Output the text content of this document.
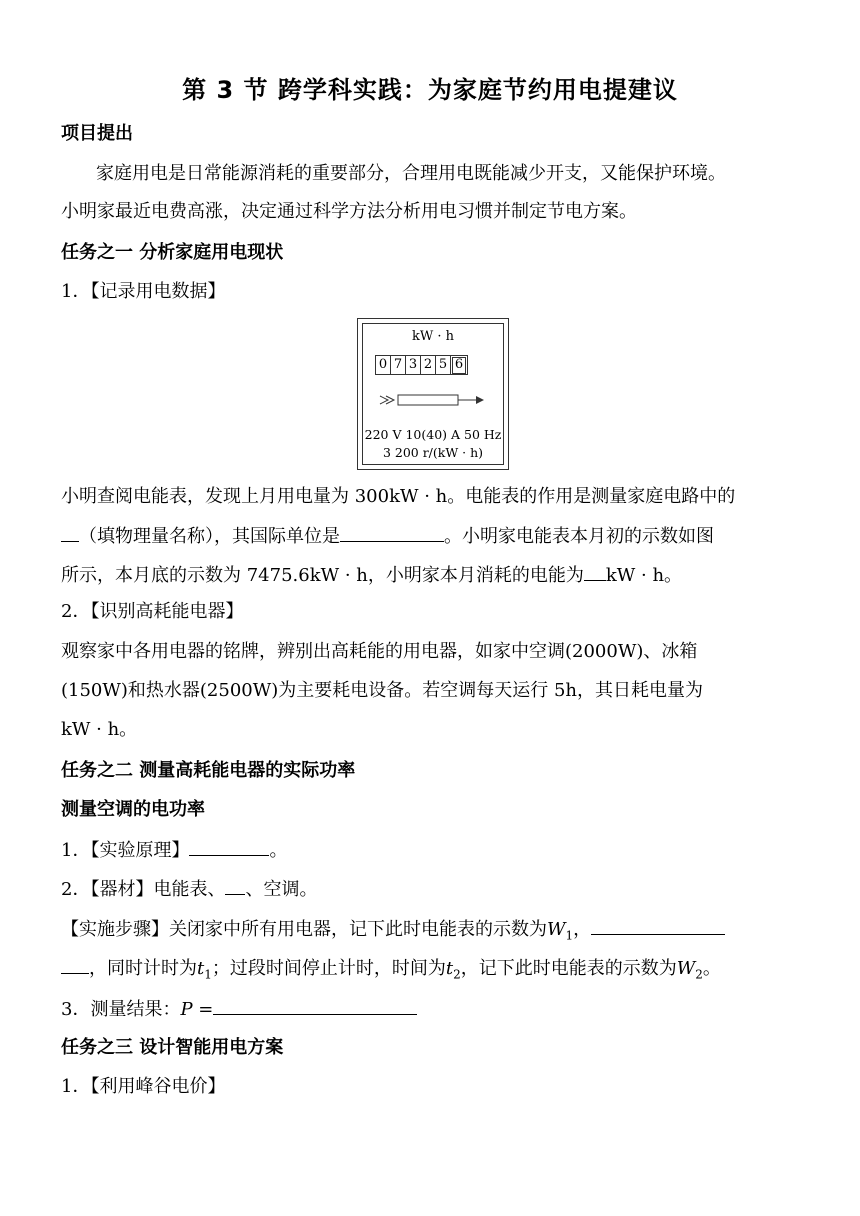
第 3 节 跨学科实践：为家庭节约用电提建议
项目提出
家庭用电是日常能源消耗的重要部分，合理用电既能减少开支，又能保护环境。
小明家最近电费高涨，决定通过科学方法分析用电习惯并制定节电方案。
任务之一 分析家庭用电现状
1．【记录用电数据】
kW · h
0 7 3 2 5 6
220 V 10(40) A 50 Hz
3 200 r/(kW · h)
小明查阅电能表，发现上月用电量为 300kW · h。电能表的作用是测量家庭电路中的
（填物理量名称），其国际单位是	。小明家电能表本月初的示数如图
所示，本月底的示数为 7475.6kW · h，小明家本月消耗的电能为 kW · h。
2．【识别高耗能电器】
观察家中各用电器的铭牌，辨别出高耗能的用电器，如家中空调(2000W)、冰箱
(150W)和热水器(2500W)为主要耗电设备。若空调每天运行 5h，其日耗电量为
kW · h。
任务之二 测量高耗能电器的实际功率
测量空调的电功率
1．【实验原理】	。
2．【器材】电能表、 、空调。
【实施步骤】关闭家中所有用电器，记下此时电能表的示数为$W_1$，
，同时计时为$t_1$；过段时间停止计时，时间为$t_2$，记下此时电能表的示数为$W_2$。
3．测量结果：P =
任务之三 设计智能用电方案
1．【利用峰谷电价】
